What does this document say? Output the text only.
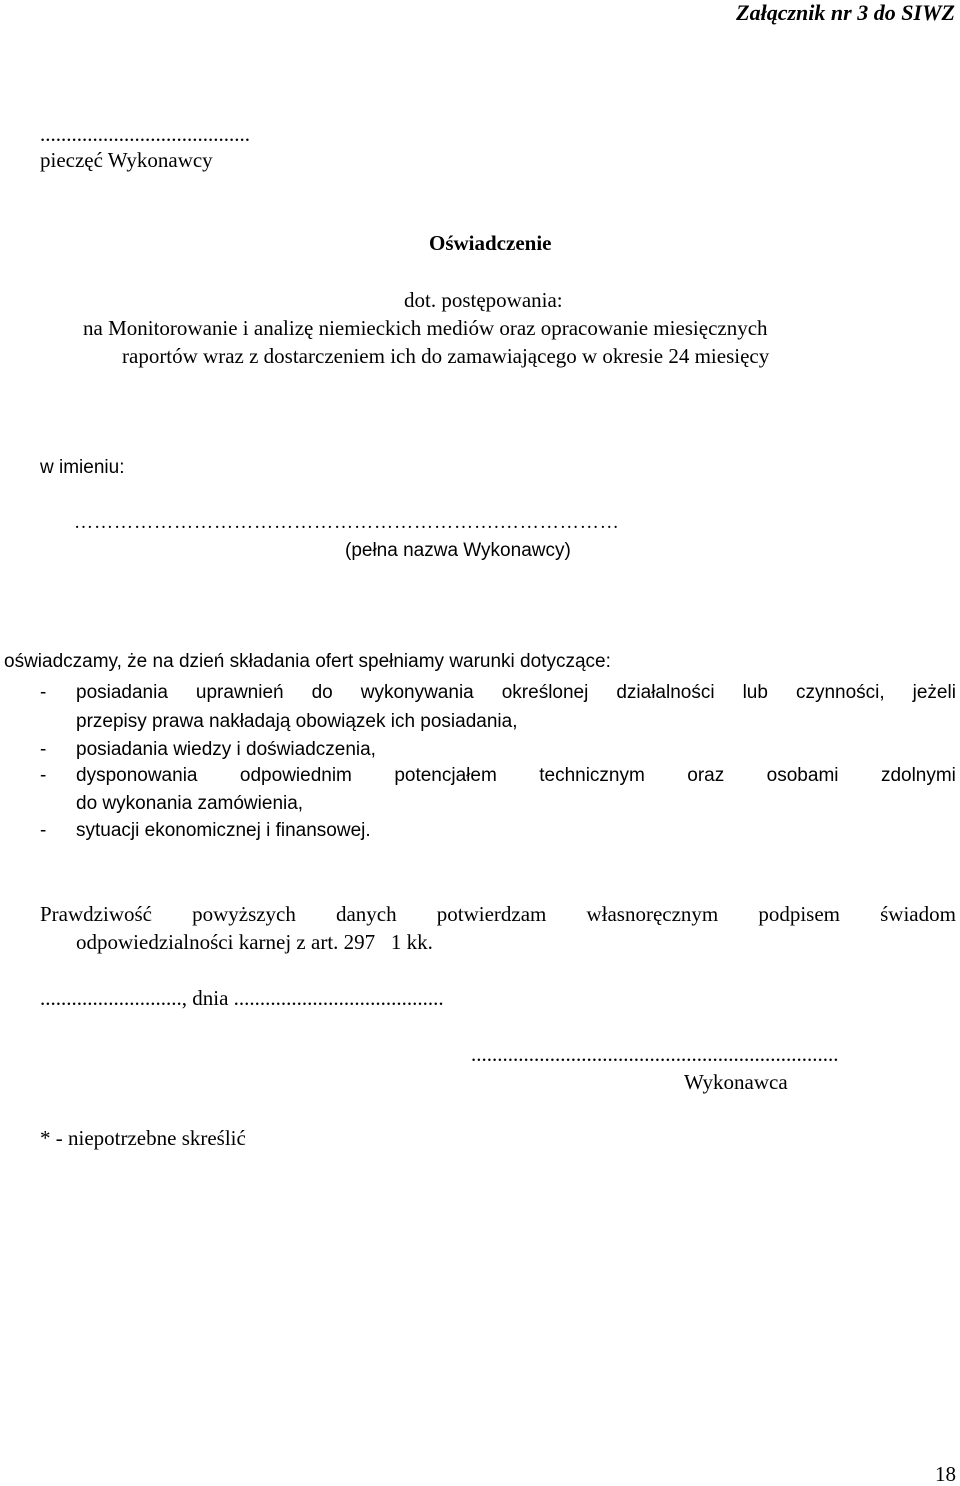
Załącznik nr 3 do SIWZ
........................................
pieczęć Wykonawcy
Oświadczenie
dot. postępowania:
na Monitorowanie i analizę niemieckich mediów oraz opracowanie miesięcznych
raportów wraz z dostarczeniem ich do zamawiającego w okresie 24 miesięcy
w imieniu:
……………………………………………………….………………
(pełna nazwa Wykonawcy)
oświadczamy, że na dzień składania ofert spełniamy warunki dotyczące:
- posiadania uprawnień do wykonywania określonej działalności lub czynności, jeżeli
przepisy prawa nakładają obowiązek ich posiadania,
- posiadania wiedzy i doświadczenia,
- dysponowania odpowiednim potencjałem technicznym oraz osobami zdolnymi
do wykonania zamówienia,
- sytuacji ekonomicznej i finansowej.
Prawdziwość powyższych danych potwierdzam własnoręcznym podpisem świadom
odpowiedzialności karnej z art. 297   1 kk.
..........................., dnia ........................................
......................................................................
Wykonawca
* - niepotrzebne skreślić
18
